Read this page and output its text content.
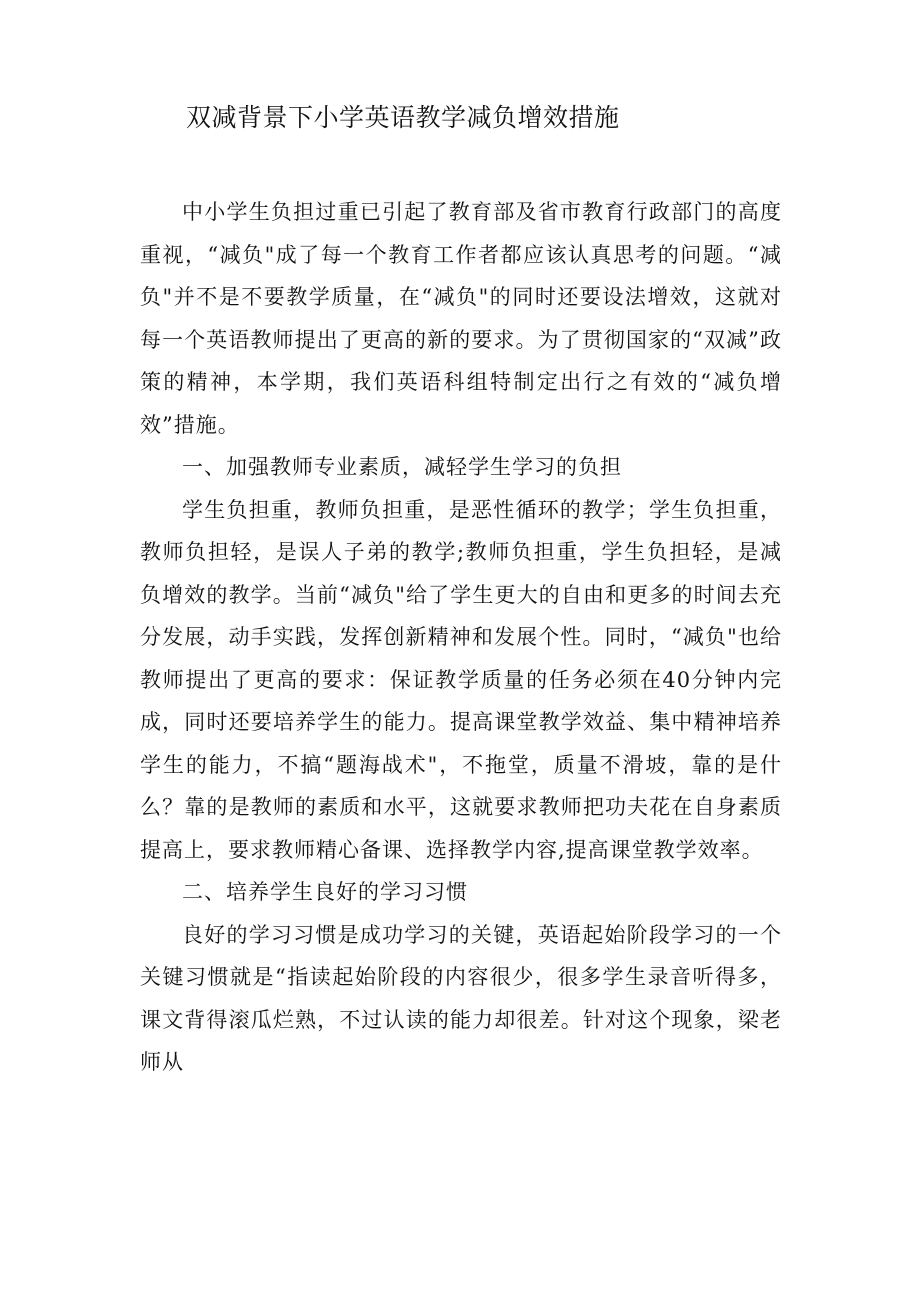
双减背景下小学英语教学减负增效措施

中小学生负担过重已引起了教育部及省市教育行政部门的高度重视，“减负"成了每一个教育工作者都应该认真思考的问题。“减负"并不是不要教学质量，在“减负"的同时还要设法增效，这就对每一个英语教师提出了更高的新的要求。为了贯彻国家的“双减”政策的精神，本学期，我们英语科组特制定出行之有效的“减负增效”措施。

一、加强教师专业素质，减轻学生学习的负担

学生负担重，教师负担重，是恶性循环的教学；学生负担重，教师负担轻，是误人子弟的教学;教师负担重，学生负担轻，是减负增效的教学。当前“减负"给了学生更大的自由和更多的时间去充分发展，动手实践，发挥创新精神和发展个性。同时，“减负"也给教师提出了更高的要求：保证教学质量的任务必须在40分钟内完成，同时还要培养学生的能力。提高课堂教学效益、集中精神培养学生的能力，不搞“题海战术"，不拖堂，质量不滑坡，靠的是什么？靠的是教师的素质和水平，这就要求教师把功夫花在自身素质提高上，要求教师精心备课、选择教学内容,提高课堂教学效率。

二、培养学生良好的学习习惯

良好的学习习惯是成功学习的关键，英语起始阶段学习的一个关键习惯就是“指读起始阶段的内容很少，很多学生录音听得多，课文背得滚瓜烂熟，不过认读的能力却很差。针对这个现象，梁老师从
